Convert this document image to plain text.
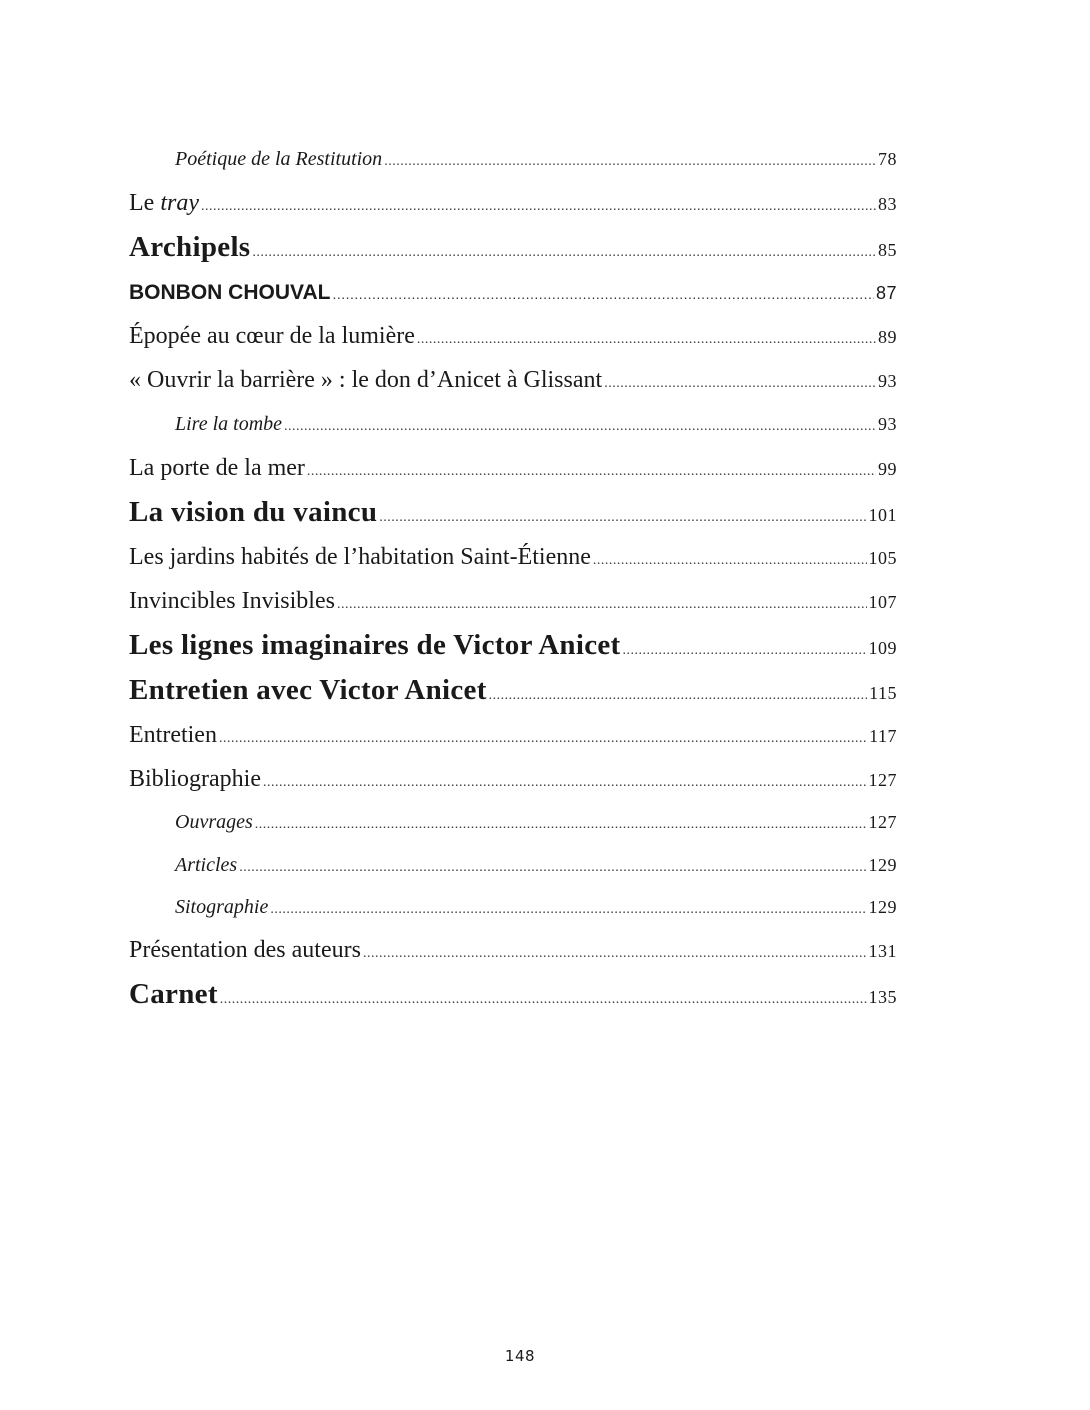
Poétique de la Restitution .....	78
Le tray .....	83
Archipels .....	85
BONBON CHOUVAL .....	87
Épopée au cœur de la lumière .....	89
« Ouvrir la barrière » : le don d’Anicet à Glissant .....	93
Lire la tombe .....	93
La porte de la mer .....	99
La vision du vaincu .....	101
Les jardins habités de l’habitation Saint-Étienne .....	105
Invincibles Invisibles .....	107
Les lignes imaginaires de Victor Anicet .....	109
Entretien avec Victor Anicet .....	115
Entretien .....	117
Bibliographie .....	127
Ouvrages .....	127
Articles .....	129
Sitographie .....	129
Présentation des auteurs .....	131
Carnet .....	135
148
